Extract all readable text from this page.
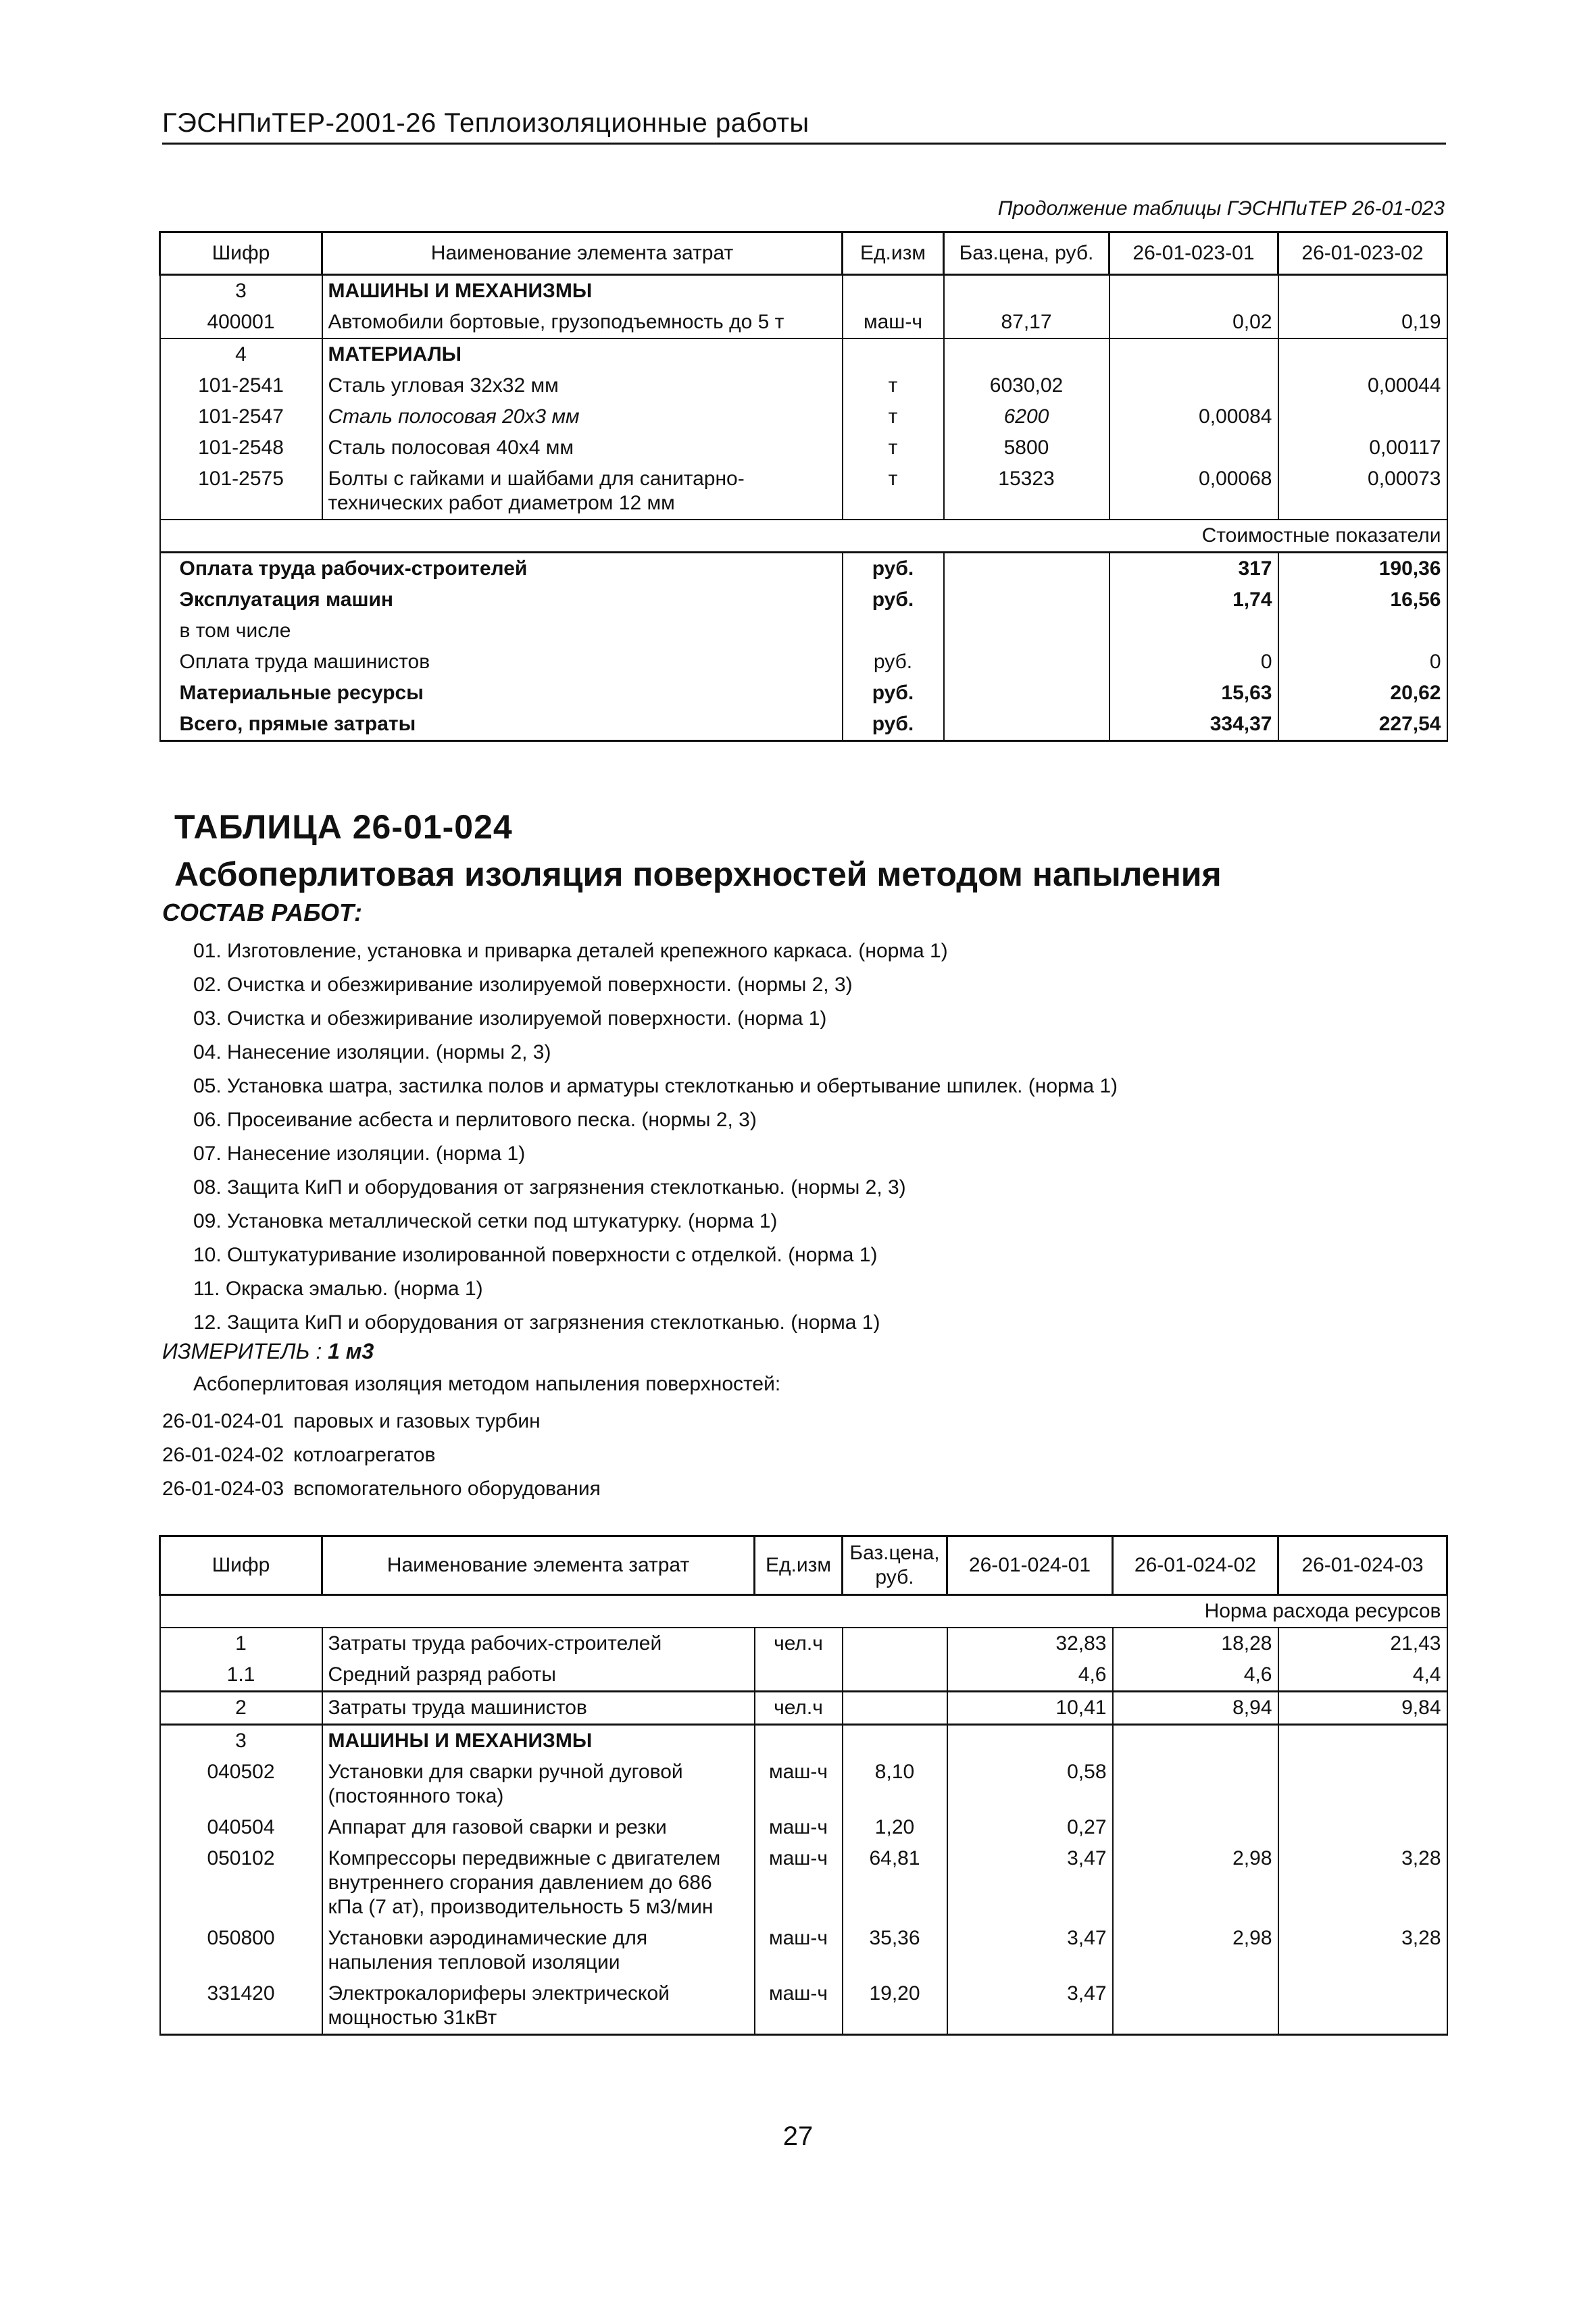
ГЭСНПиТЕР-2001-26 Теплоизоляционные работы
Продолжение таблицы ГЭСНПиТЕР 26-01-023
Шифр	Наименование элемента затрат	Ед.изм	Баз.цена, руб.	26-01-023-01	26-01-023-02
3	МАШИНЫ И МЕХАНИЗМЫ				
400001	Автомобили бортовые, грузоподъемность до 5 т	маш-ч	87,17	0,02	0,19
4	МАТЕРИАЛЫ				
101-2541	Сталь угловая 32х32 мм	т	6030,02		0,00044
101-2547	Сталь полосовая 20х3 мм	т	6200	0,00084	
101-2548	Сталь полосовая 40х4 мм	т	5800		0,00117
101-2575	Болты с гайками и шайбами для санитарно-технических работ диаметром 12 мм	т	15323	0,00068	0,00073
Стоимостные показатели					
Оплата труда рабочих-строителей		руб.		317	190,36
Эксплуатация машин		руб.		1,74	16,56
в том числе					
Оплата труда машинистов		руб.		0	0
Материальные ресурсы		руб.		15,63	20,62
Всего, прямые затраты		руб.		334,37	227,54
ТАБЛИЦА 26-01-024
Асбоперлитовая изоляция поверхностей методом напыления
СОСТАВ РАБОТ:
01. Изготовление, установка и приварка деталей крепежного каркаса. (норма 1)
02. Очистка и обезжиривание изолируемой поверхности. (нормы 2, 3)
03. Очистка и обезжиривание изолируемой поверхности. (норма 1)
04. Нанесение изоляции. (нормы 2, 3)
05. Установка шатра, застилка полов и арматуры стеклотканью и обертывание шпилек. (норма 1)
06. Просеивание асбеста и перлитового песка. (нормы 2, 3)
07. Нанесение изоляции. (норма 1)
08. Защита КиП и оборудования от загрязнения стеклотканью. (нормы 2, 3)
09. Установка металлической сетки под штукатурку. (норма 1)
10. Оштукатуривание изолированной поверхности с отделкой. (норма 1)
11. Окраска эмалью. (норма 1)
12. Защита КиП и оборудования от загрязнения стеклотканью. (норма 1)
ИЗМЕРИТЕЛЬ : 1 м3
Асбоперлитовая изоляция методом напыления поверхностей:
26-01-024-01 паровых и газовых турбин
26-01-024-02 котлоагрегатов
26-01-024-03 вспомогательного оборудования
Шифр	Наименование элемента затрат	Ед.изм	Баз.цена, руб.	26-01-024-01	26-01-024-02	26-01-024-03
Норма расхода ресурсов						
1	Затраты труда рабочих-строителей	чел.ч		32,83	18,28	21,43
1.1	Средний разряд работы			4,6	4,6	4,4
2	Затраты труда машинистов	чел.ч		10,41	8,94	9,84
3	МАШИНЫ И МЕХАНИЗМЫ					
040502	Установки для сварки ручной дуговой (постоянного тока)	маш-ч	8,10	0,58		
040504	Аппарат для газовой сварки и резки	маш-ч	1,20	0,27		
050102	Компрессоры передвижные с двигателем внутреннего сгорания давлением до 686 кПа (7 ат), производительность 5 м3/мин	маш-ч	64,81	3,47	2,98	3,28
050800	Установки аэродинамические для напыления тепловой изоляции	маш-ч	35,36	3,47	2,98	3,28
331420	Электрокалориферы электрической мощностью 31кВт	маш-ч	19,20	3,47		
27
